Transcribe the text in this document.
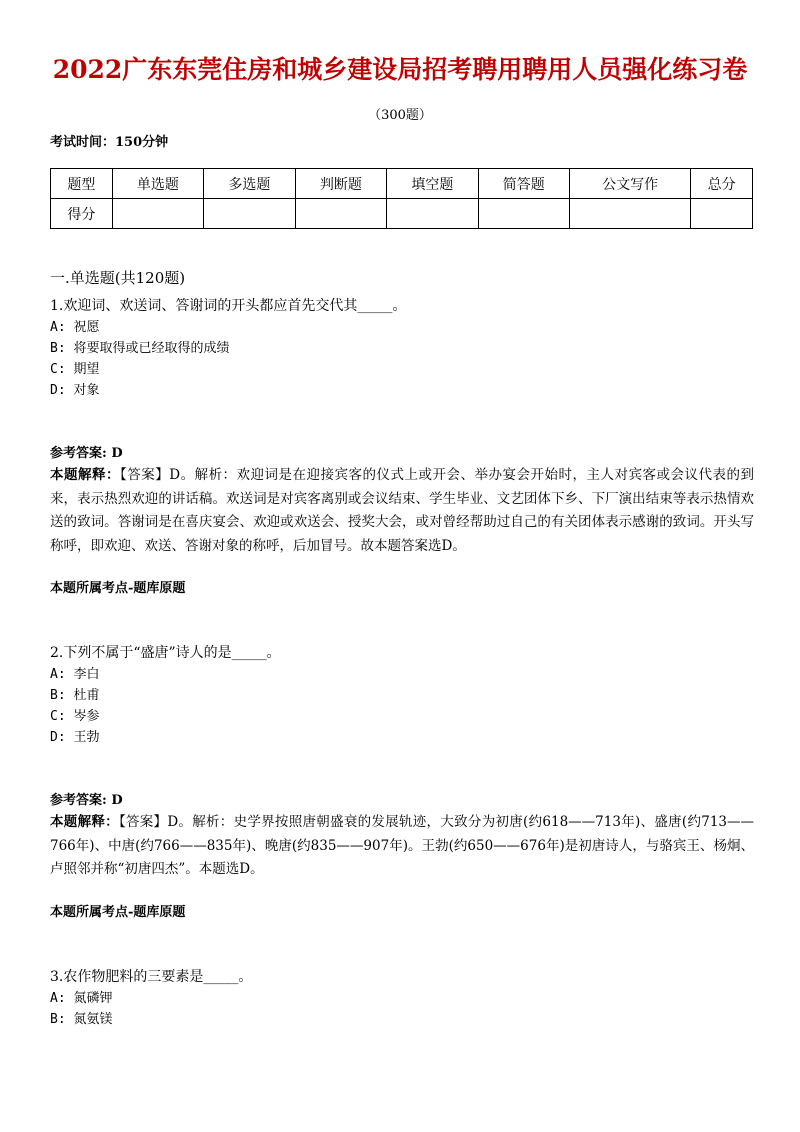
2022广东东莞住房和城乡建设局招考聘用聘用人员强化练习卷
（300题）
考试时间：150分钟
题型	单选题	多选题	判断题	填空题	简答题	公文写作	总分
得分							
一.单选题(共120题)
1.欢迎词、欢送词、答谢词的开头都应首先交代其_____。
A: 祝愿
B: 将要取得或已经取得的成绩
C: 期望
D: 对象
参考答案: D
本题解释：【答案】D。解析：欢迎词是在迎接宾客的仪式上或开会、举办宴会开始时，主人对宾客或会议代表的到来，表示热烈欢迎的讲话稿。欢送词是对宾客离别或会议结束、学生毕业、文艺团体下乡、下厂演出结束等表示热情欢送的致词。答谢词是在喜庆宴会、欢迎或欢送会、授奖大会，或对曾经帮助过自己的有关团体表示感谢的致词。开头写称呼，即欢迎、欢送、答谢对象的称呼，后加冒号。故本题答案选D。
本题所属考点-题库原题
2.下列不属于“盛唐”诗人的是_____。
A: 李白
B: 杜甫
C: 岑参
D: 王勃
参考答案: D
本题解释：【答案】D。解析：史学界按照唐朝盛衰的发展轨迹，大致分为初唐(约618——713年)、盛唐(约713——766年)、中唐(约766——835年)、晚唐(约835——907年)。王勃(约650——676年)是初唐诗人，与骆宾王、杨炯、卢照邻并称“初唐四杰”。本题选D。
本题所属考点-题库原题
3.农作物肥料的三要素是_____。
A: 氮磷钾
B: 氮氨镁
